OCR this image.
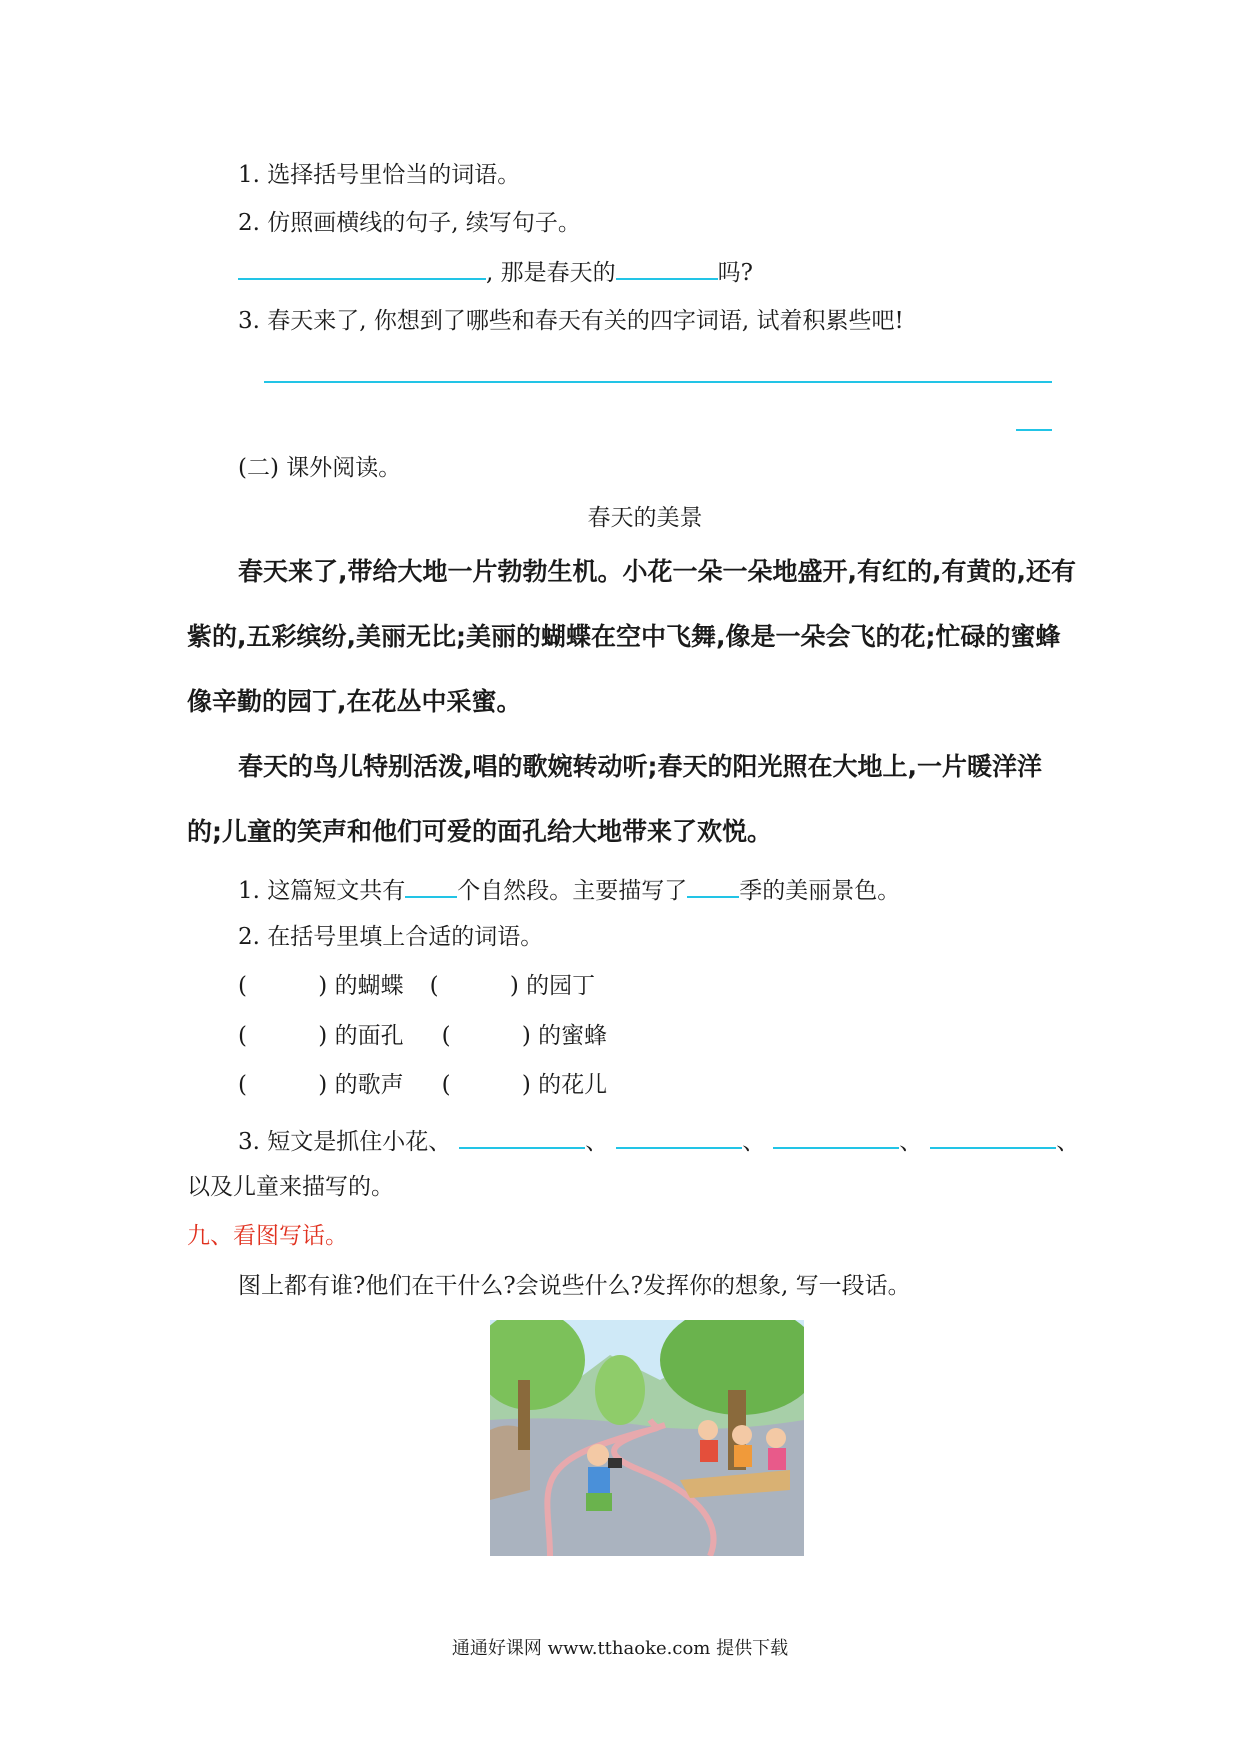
1. 选择括号里恰当的词语。
2. 仿照画横线的句子, 续写句子。
, 那是春天的	吗?
3. 春天来了, 你想到了哪些和春天有关的四字词语, 试着积累些吧!
(二) 课外阅读。
春天的美景
春天来了,带给大地一片勃勃生机。小花一朵一朵地盛开,有红的,有黄的,还有
紫的,五彩缤纷,美丽无比;美丽的蝴蝶在空中飞舞,像是一朵会飞的花;忙碌的蜜蜂
像辛勤的园丁,在花丛中采蜜。
春天的鸟儿特别活泼,唱的歌婉转动听;春天的阳光照在大地上,一片暖洋洋
的;儿童的笑声和他们可爱的面孔给大地带来了欢悦。
1. 这篇短文共有 个自然段。主要描写了 季的美丽景色。
2. 在括号里填上合适的词语。
(	) 的蝴蝶 (	) 的园丁
(	) 的面孔 (	) 的蜜蜂
(	) 的歌声 (	) 的花儿
3. 短文是抓住小花、	、	、	、	、
以及儿童来描写的。
九、看图写话。
图上都有谁?他们在干什么?会说些什么?发挥你的想象, 写一段话。
通通好课网 www.tthaoke.com 提供下载
